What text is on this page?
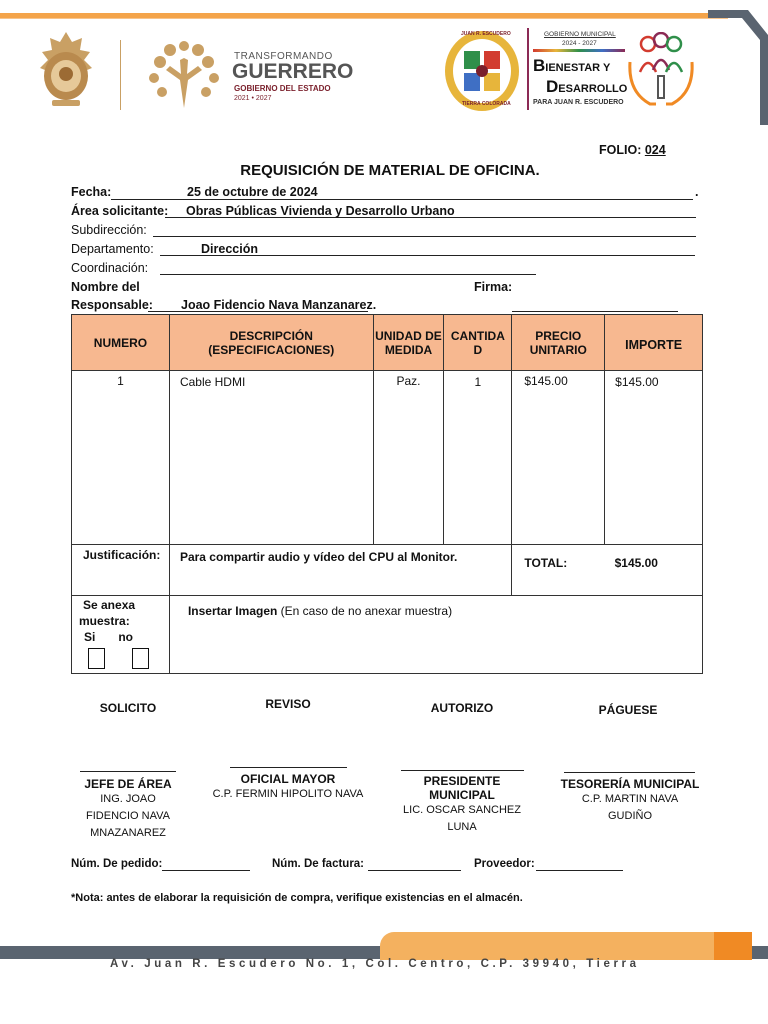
TRANSFORMANDO
GUERRERO
GOBIERNO DEL ESTADO
2021 • 2027
JUAN R. ESCUDERO
TIERRA COLORADA
GOBIERNO MUNICIPAL
2024 - 2027
BIENESTAR Y
DESARROLLO
PARA JUAN R. ESCUDERO
FOLIO: 024
REQUISICIÓN DE MATERIAL DE OFICINA.
Fecha:	25 de octubre de 2024	.
Área solicitante: Obras Públicas Vivienda y Desarrollo Urbano
Subdirección:
Departamento:	Dirección
Coordinación:
Nombre del	Firma:
Responsable: Joao Fidencio Nava Manzanarez.
NUMERO	DESCRIPCIÓN (ESPECIFICACIONES)	UNIDAD DE MEDIDA	CANTIDA D	PRECIO UNITARIO	IMPORTE
1	Cable HDMI	Paz.	1	$145.00	$145.00
Justificación:	Para compartir audio y vídeo del CPU al Monitor.			TOTAL: $145.00	

Se anexa
muestra:
Si no	Insertar Imagen (En caso de no anexar muestra)				
SOLICITO	REVISO	AUTORIZO	PÁGUESE
JEFE DE ÁREA
ING. JOAO
FIDENCIO NAVA
MNAZANAREZ
OFICIAL MAYOR
C.P. FERMIN HIPOLITO NAVA
PRESIDENTE MUNICIPAL
LIC. OSCAR SANCHEZ
LUNA
TESORERÍA MUNICIPAL
C.P. MARTIN NAVA
GUDIÑO
Núm. De pedido:	Núm. De factura:	Proveedor:
*Nota: antes de elaborar la requisición de compra, verifique existencias en el almacén.
Av. Juan R. Escudero No. 1, Col. Centro, C.P. 39940, Tierra
